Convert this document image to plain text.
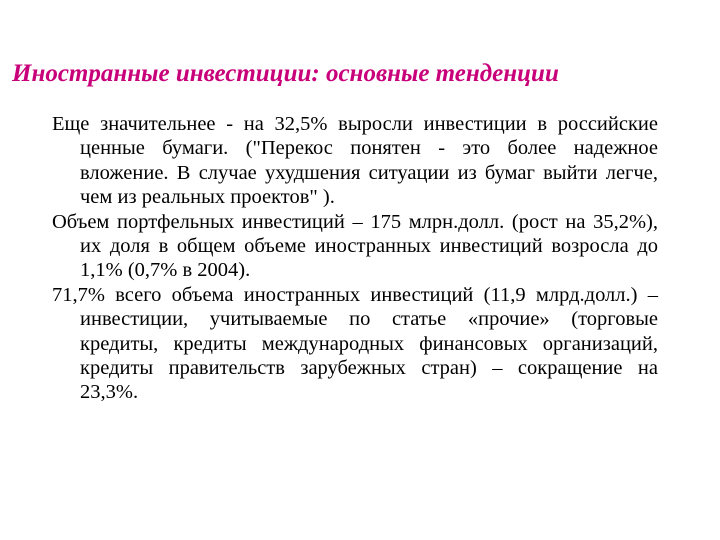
Иностранные инвестиции: основные тенденции

Еще значительнее - на 32,5% выросли инвестиции в российские ценные бумаги. ("Перекос понятен - это более надежное вложение. В случае ухудшения ситуации из бумаг выйти легче, чем из реальных проектов" ).

Объем портфельных инвестиций – 175 млрн.долл. (рост на 35,2%), их доля в общем объеме иностранных инвестиций возросла до 1,1% (0,7% в 2004).

71,7% всего объема иностранных инвестиций (11,9 млрд.долл.) – инвестиции, учитываемые по статье «прочие» (торговые кредиты, кредиты международных финансовых организаций, кредиты правительств зарубежных стран) – сокращение на 23,3%.
